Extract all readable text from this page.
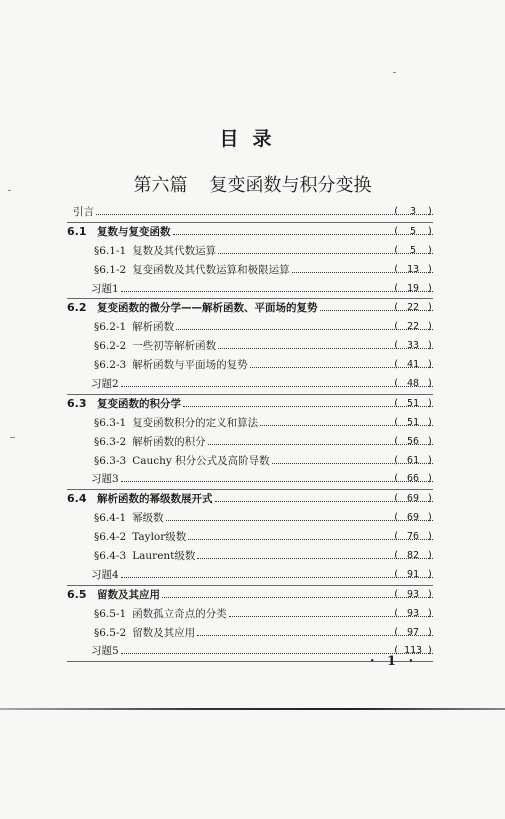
目录
第六篇 复变函数与积分变换
引言	( 3 )
6.1 复数与复变函数	( 5 )
§6.1-1 复数及其代数运算	( 5 )
§6.1-2 复变函数及其代数运算和极限运算	( 13 )
习题1	( 19 )
6.2 复变函数的微分学——解析函数、平面场的复势	( 22 )
§6.2-1 解析函数	( 22 )
§6.2-2 一些初等解析函数	( 33 )
§6.2-3 解析函数与平面场的复势	( 41 )
习题2	( 48 )
6.3 复变函数的积分学	( 51 )
§6.3-1 复变函数积分的定义和算法	( 51 )
§6.3-2 解析函数的积分	( 56 )
§6.3-3 Cauchy 积分公式及高阶导数	( 61 )
习题3	( 66 )
6.4 解析函数的幂级数展开式	( 69 )
§6.4-1 幂级数	( 69 )
§6.4-2 Taylor级数	( 76 )
§6.4-3 Laurent级数	( 82 )
习题4	( 91 )
6.5 留数及其应用	( 93 )
§6.5-1 函数孤立奇点的分类	( 93 )
§6.5-2 留数及其应用	( 97 )
习题5	( 113 )
· 1 ·
